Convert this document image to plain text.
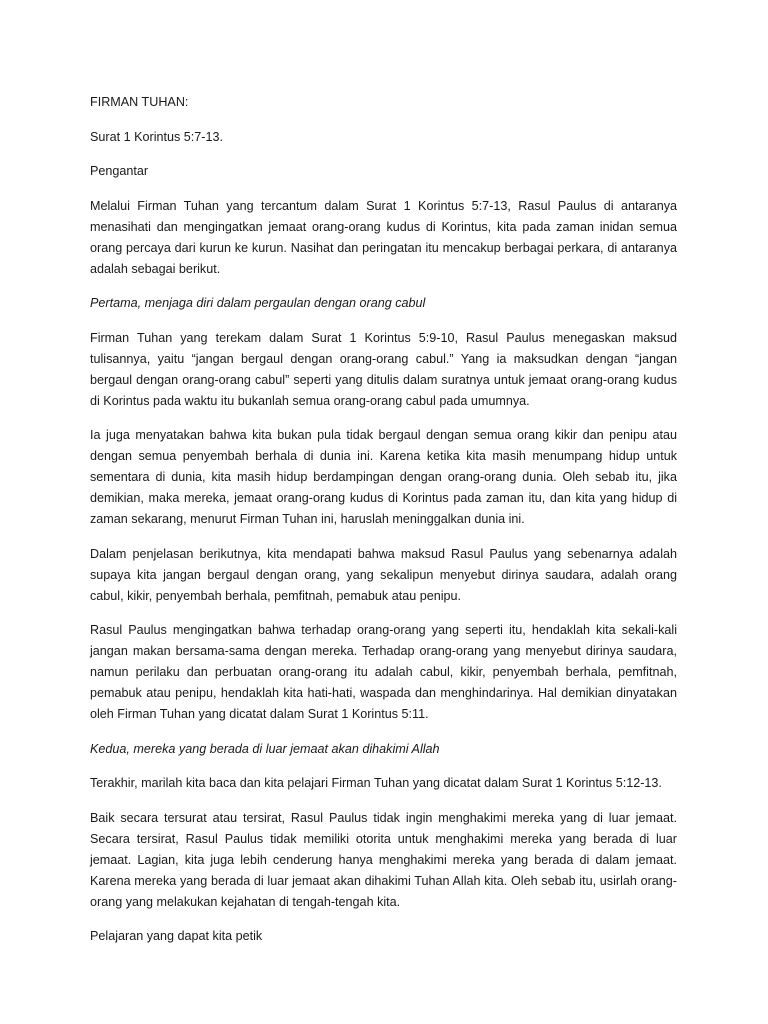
FIRMAN TUHAN:

Surat 1 Korintus 5:7-13.

Pengantar

Melalui Firman Tuhan yang tercantum dalam Surat 1 Korintus 5:7-13, Rasul Paulus di antaranya menasihati dan mengingatkan jemaat orang-orang kudus di Korintus, kita pada zaman inidan semua orang percaya dari kurun ke kurun. Nasihat dan peringatan itu mencakup berbagai perkara, di antaranya adalah sebagai berikut.

Pertama, menjaga diri dalam pergaulan dengan orang cabul

Firman Tuhan yang terekam dalam Surat 1 Korintus 5:9-10, Rasul Paulus menegaskan maksud tulisannya, yaitu “jangan bergaul dengan orang-orang cabul.” Yang ia maksudkan dengan “jangan bergaul dengan orang-orang cabul” seperti yang ditulis dalam suratnya untuk jemaat orang-orang kudus di Korintus pada waktu itu bukanlah semua orang-orang cabul pada umumnya.

Ia juga menyatakan bahwa kita bukan pula tidak bergaul dengan semua orang kikir dan penipu atau dengan semua penyembah berhala di dunia ini. Karena ketika kita masih menumpang hidup untuk sementara di dunia, kita masih hidup berdampingan dengan orang-orang dunia. Oleh sebab itu, jika demikian, maka mereka, jemaat orang-orang kudus di Korintus pada zaman itu, dan kita yang hidup di zaman sekarang, menurut Firman Tuhan ini, haruslah meninggalkan dunia ini.

Dalam penjelasan berikutnya, kita mendapati bahwa maksud Rasul Paulus yang sebenarnya adalah supaya kita jangan bergaul dengan orang, yang sekalipun menyebut dirinya saudara, adalah orang cabul, kikir, penyembah berhala, pemfitnah, pemabuk atau penipu.

Rasul Paulus mengingatkan bahwa terhadap orang-orang yang seperti itu, hendaklah kita sekali-kali jangan makan bersama-sama dengan mereka. Terhadap orang-orang yang menyebut dirinya saudara, namun perilaku dan perbuatan orang-orang itu adalah cabul, kikir, penyembah berhala, pemfitnah, pemabuk atau penipu, hendaklah kita hati-hati, waspada dan menghindarinya. Hal demikian dinyatakan oleh Firman Tuhan yang dicatat dalam Surat 1 Korintus 5:11.

Kedua, mereka yang berada di luar jemaat akan dihakimi Allah

Terakhir, marilah kita baca dan kita pelajari Firman Tuhan yang dicatat dalam Surat 1 Korintus 5:12-13.

Baik secara tersurat atau tersirat, Rasul Paulus tidak ingin menghakimi mereka yang di luar jemaat. Secara tersirat, Rasul Paulus tidak memiliki otorita untuk menghakimi mereka yang berada di luar jemaat. Lagian, kita juga lebih cenderung hanya menghakimi mereka yang berada di dalam jemaat. Karena mereka yang berada di luar jemaat akan dihakimi Tuhan Allah kita. Oleh sebab itu, usirlah orang-orang yang melakukan kejahatan di tengah-tengah kita.

Pelajaran yang dapat kita petik
